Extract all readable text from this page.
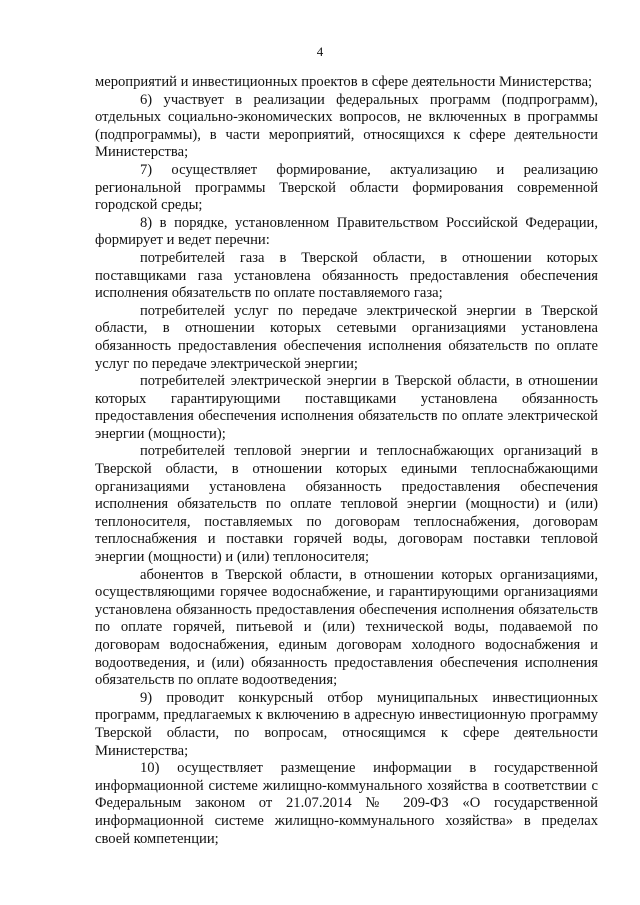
4

мероприятий и инвестиционных проектов в сфере деятельности Министерства;

6) участвует в реализации федеральных программ (подпрограмм), отдельных социально-экономических вопросов, не включенных в программы (подпрограммы), в части мероприятий, относящихся к сфере деятельности Министерства;

7) осуществляет формирование, актуализацию и реализацию региональной программы Тверской области формирования современной городской среды;

8) в порядке, установленном Правительством Российской Федерации, формирует и ведет перечни:

потребителей газа в Тверской области, в отношении которых поставщиками газа установлена обязанность предоставления обеспечения исполнения обязательств по оплате поставляемого газа;

потребителей услуг по передаче электрической энергии в Тверской области, в отношении которых сетевыми организациями установлена обязанность предоставления обеспечения исполнения обязательств по оплате услуг по передаче электрической энергии;

потребителей электрической энергии в Тверской области, в отношении которых гарантирующими поставщиками установлена обязанность предоставления обеспечения исполнения обязательств по оплате электрической энергии (мощности);

потребителей тепловой энергии и теплоснабжающих организаций в Тверской области, в отношении которых едиными теплоснабжающими организациями установлена обязанность предоставления обеспечения исполнения обязательств по оплате тепловой энергии (мощности) и (или) теплоносителя, поставляемых по договорам теплоснабжения, договорам теплоснабжения и поставки горячей воды, договорам поставки тепловой энергии (мощности) и (или) теплоносителя;

абонентов в Тверской области, в отношении которых организациями, осуществляющими горячее водоснабжение, и гарантирующими организациями установлена обязанность предоставления обеспечения исполнения обязательств по оплате горячей, питьевой и (или) технической воды, подаваемой по договорам водоснабжения, единым договорам холодного водоснабжения и водоотведения, и (или) обязанность предоставления обеспечения исполнения обязательств по оплате водоотведения;

9) проводит конкурсный отбор муниципальных инвестиционных программ, предлагаемых к включению в адресную инвестиционную программу Тверской области, по вопросам, относящимся к сфере деятельности Министерства;

10) осуществляет размещение информации в государственной информационной системе жилищно-коммунального хозяйства в соответствии с Федеральным законом от 21.07.2014 № 209-ФЗ «О государственной информационной системе жилищно-коммунального хозяйства» в пределах своей компетенции;
